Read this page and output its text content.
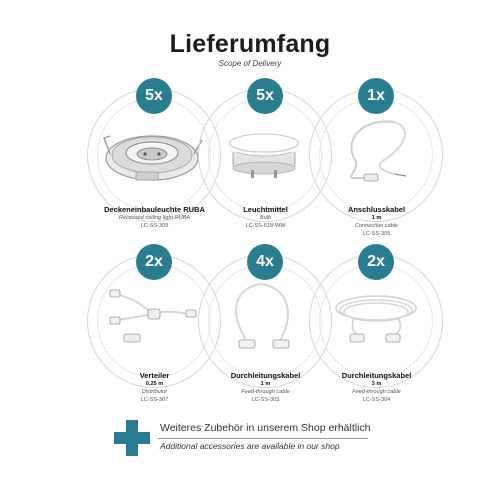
Lieferumfang
Scope of Delivery
5x
Deckeneinbauleuchte RUBA
Recessed ceiling light RUBA
LC-SS-309
5x
Leuchtmittel
Bulb
LC-SS-618-WW
1x
Anschlusskabel
1 m
Connection cable
LC-SS-305
2x
Verteiler
0,25 m
Distributor
LC-SS-307
4x
Durchleitungskabel
1 m
Feed-through cable
LC-SS-303
2x
Durchleitungskabel
3 m
Feed-through cable
LC-SS-304
Weiteres Zubehör in unserem Shop erhältlich
Additional accessories are available in our shop
